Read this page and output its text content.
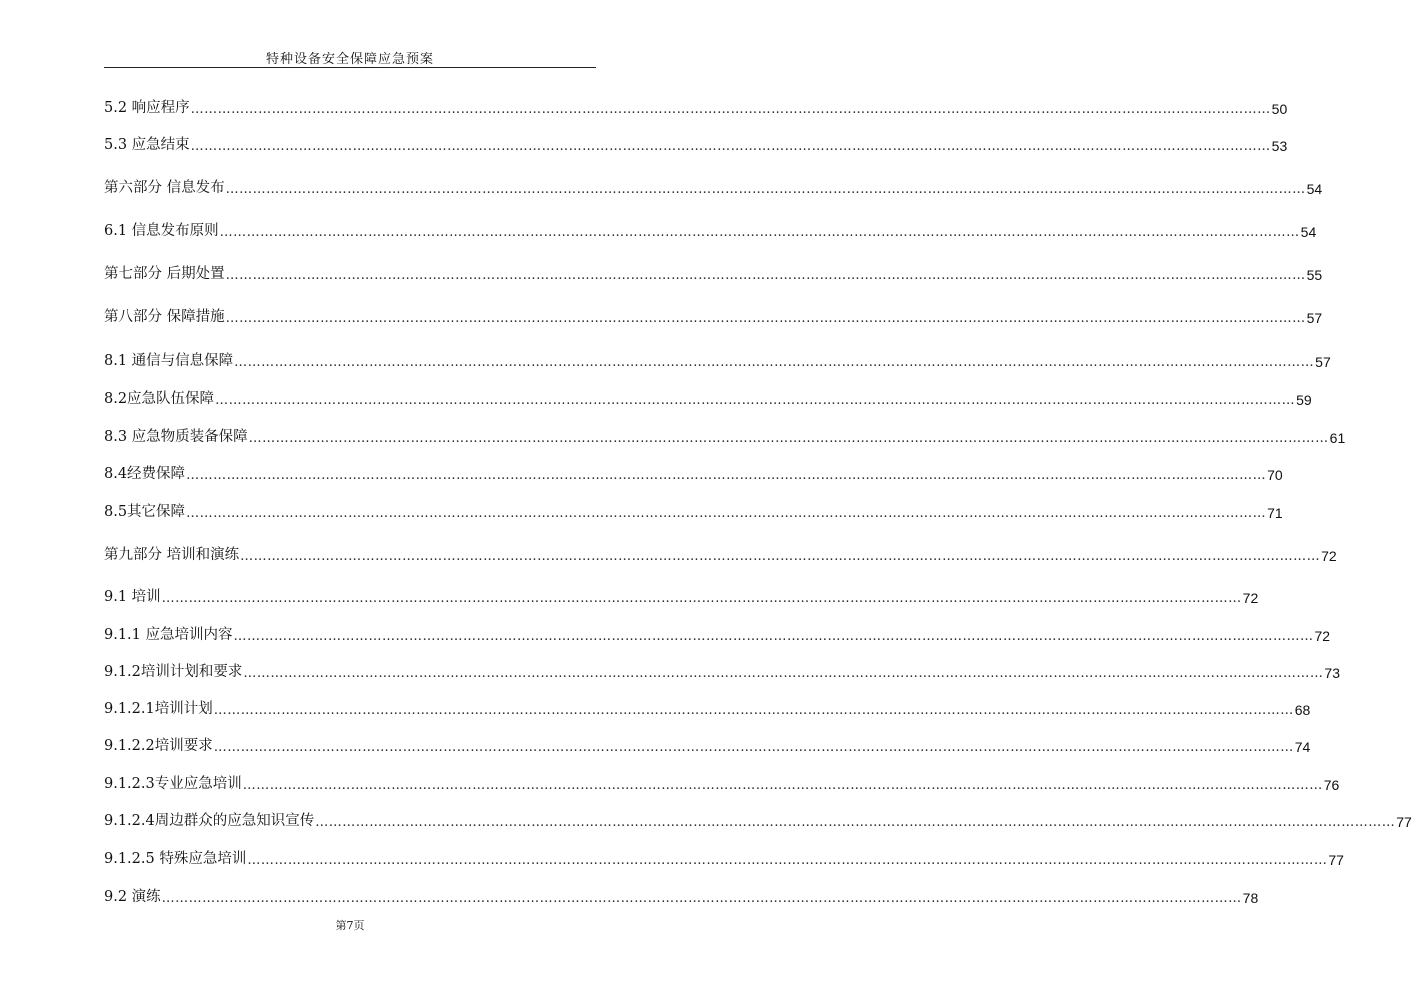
特种设备安全保障应急预案
5.2 响应程序 …………………………………………………………………………………………………………………………………………………………………………………………………………………… 50
5.3 应急结束 …………………………………………………………………………………………………………………………………………………………………………………………………………………… 53
第六部分 信息发布 …………………………………………………………………………………………………………………………………………………………………………………………………………………… 54
6.1 信息发布原则 …………………………………………………………………………………………………………………………………………………………………………………………………………………… 54
第七部分 后期处置 …………………………………………………………………………………………………………………………………………………………………………………………………………………… 55
第八部分 保障措施 …………………………………………………………………………………………………………………………………………………………………………………………………………………… 57
8.1 通信与信息保障 …………………………………………………………………………………………………………………………………………………………………………………………………………………… 57
8.2应急队伍保障 …………………………………………………………………………………………………………………………………………………………………………………………………………………… 59
8.3 应急物质装备保障 …………………………………………………………………………………………………………………………………………………………………………………………………………………… 61
8.4经费保障 …………………………………………………………………………………………………………………………………………………………………………………………………………………… 70
8.5其它保障 …………………………………………………………………………………………………………………………………………………………………………………………………………………… 71
第九部分 培训和演练 …………………………………………………………………………………………………………………………………………………………………………………………………………………… 72
9.1 培训 …………………………………………………………………………………………………………………………………………………………………………………………………………………… 72
9.1.1 应急培训内容 …………………………………………………………………………………………………………………………………………………………………………………………………………………… 72
9.1.2培训计划和要求 …………………………………………………………………………………………………………………………………………………………………………………………………………………… 73
9.1.2.1培训计划 …………………………………………………………………………………………………………………………………………………………………………………………………………………… 68
9.1.2.2培训要求 …………………………………………………………………………………………………………………………………………………………………………………………………………………… 74
9.1.2.3专业应急培训 …………………………………………………………………………………………………………………………………………………………………………………………………………………… 76
9.1.2.4周边群众的应急知识宣传 …………………………………………………………………………………………………………………………………………………………………………………………………………………… 77
9.1.2.5 特殊应急培训 …………………………………………………………………………………………………………………………………………………………………………………………………………………… 77
9.2 演练 …………………………………………………………………………………………………………………………………………………………………………………………………………………… 78
第7页
